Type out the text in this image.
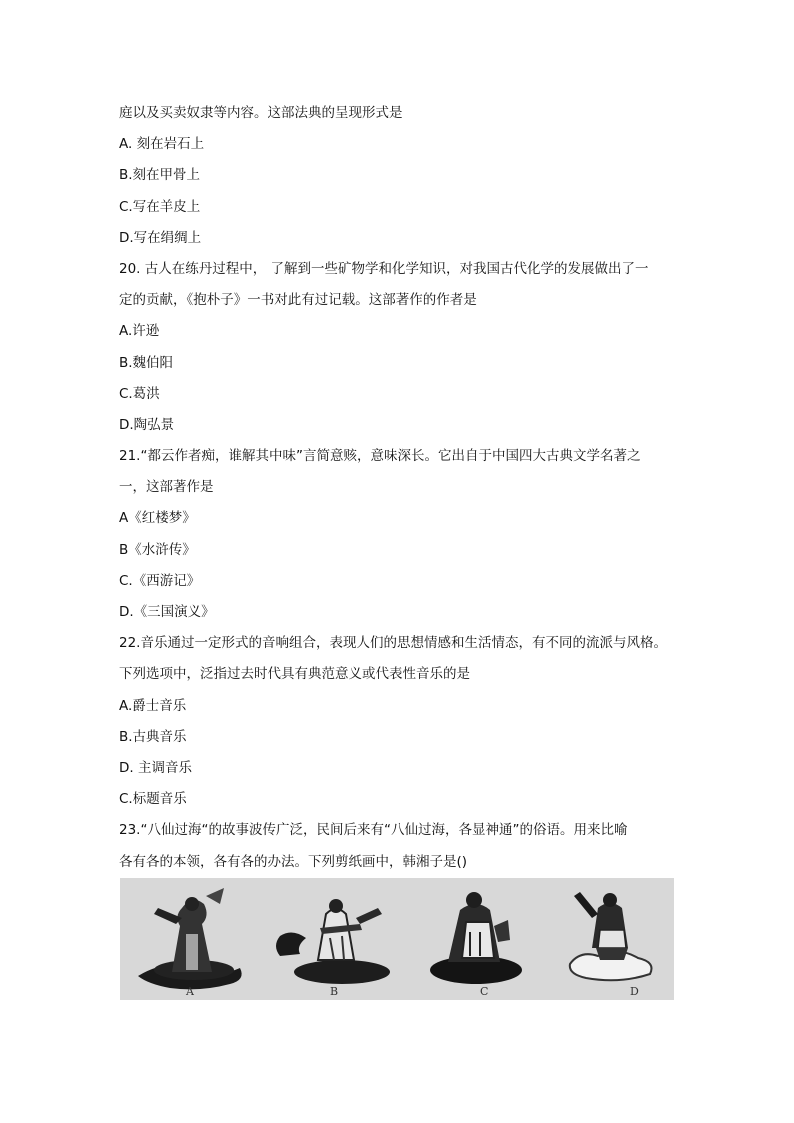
庭以及买卖奴隶等内容。这部法典的呈现形式是
A. 刻在岩石上
B.刻在甲骨上
C.写在羊皮上
D.写在绢绸上
20. 古人在练丹过程中， 了解到一些矿物学和化学知识，对我国古代化学的发展做出了一
定的贡献，《抱朴子》一书对此有过记载。这部著作的作者是
A.许逊
B.魏伯阳
C.葛洪
D.陶弘景
21.“都云作者痴，谁解其中味”言简意赅，意味深长。它出自于中国四大古典文学名著之
一，这部著作是
A《红楼梦》
B《水浒传》
C.《西游记》
D.《三国演义》
22.音乐通过一定形式的音响组合，表现人们的思想情感和生活情态，有不同的流派与风格。
下列选项中，泛指过去时代具有典范意义或代表性音乐的是
A.爵士音乐
B.古典音乐
D. 主调音乐
C.标题音乐
23.“八仙过海“的故事波传广泛，民间后来有“八仙过海，各显神通”的俗语。用来比喻
各有各的本领，各有各的办法。下列剪纸画中，韩湘子是()
A	B	C	D
